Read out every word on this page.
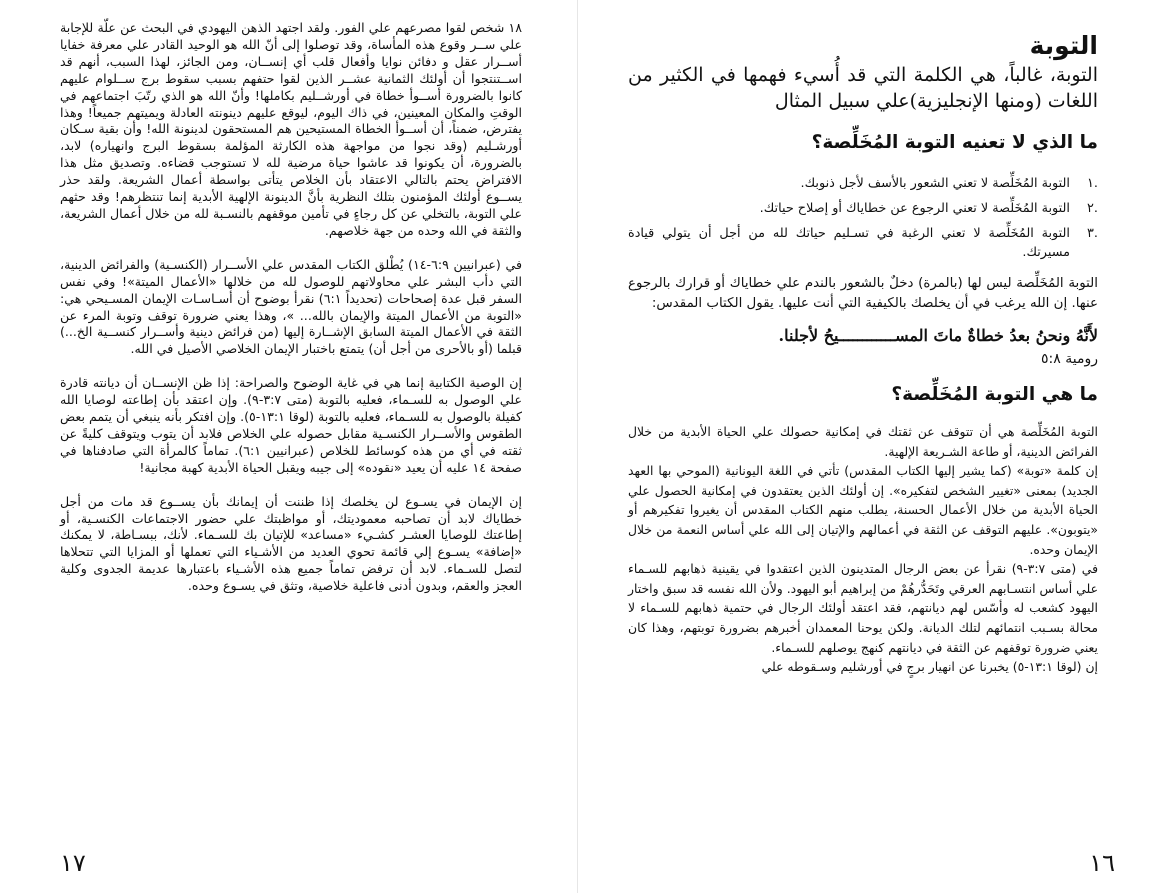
١٨ شخص لقوا مصرعهم علي الفور. ولقد اجتهد الذهن اليهودي في البحث عن علّة للإجابة علي ســر وقوع هذه المأساة، وقد توصلوا إلى أنّ الله هو الوحيد القادر علي معرفة خفايا أســرار عقل و دفائن نوايا وأفعال قلب أي إنســان، ومن الجائز، لهذا السبب، أنهم قد اســتنتجوا أن أولئك الثمانية عشــر الذين لقوا حتفهم بسبب سقوط برج ســلوام عليهم كانوا بالضرورة أســوأ خطاة في أورشــليم بكاملها! وأنّ الله هو الذي رتّبَ اجتماعهم في الوقتِ والمكان المعينين، في ذاك اليوم، ليوقع عليهم دينونته العادلة ويميتهم جميعاً! وهذا يفترض، ضمناً، أن أســوأ الخطاة المستيحين هم المستحقون لدينونة الله! وأن بقية سـكان أورشـليم (وقد نجوا من مواجهة هذه الكارثة المؤلمة بسقوط البرج وانهياره) لابد، بالضرورة، أن يكونوا قد عاشوا حياة مرضية لله لا تستوجب قضاءه. وتصديق مثل هذا الافتراض يحتم بالتالي الاعتقاد بأن الخلاص يتأتى بواسطة أعمال الشريعة. ولقد حذر يســوع أولئك المؤمنون بتلك النظرية بأنَّ الدينونة الإلهية الأبدية إنما تنتظرهم! وقد حثهم علي التوبة، بالتخلي عن كل رجاءٍ في تأمين موقفهم بالنسـبة لله من خلال أعمال الشريعة، والثقة في الله وحده من جهة خلاصهم.

في (عبرانيين ٦:٩-١٤) يُطْلق الكتاب المقدس علي الأســرار (الكنسـية) والفرائض الدينية، التي دأب البشر علي محاولاتهم للوصول لله من خلالها «الأعمال الميتة»! وفي نفس السفر قبل عدة إصحاحات (تحديداً ٦:١) نقرأ بوضوح أن أسـاسـات الإيمان المسـيحي هي: «التوبة من الأعمال الميتة والإيمان بالله... »، وهذا يعني ضرورة توقف وتوبة المرء عن الثقة في الأعمال الميتة السابق الإشــارة إليها (من فرائض دينية وأســرار كنســية الخ...) قبلما (أو بالأحرى من أجل أن) يتمتع باختبار الإيمان الخلاصي الأصيل في الله.

إن الوصية الكتابية إنما هي في غاية الوضوح والصراحة: إذا ظن الإنســان أن ديانته قادرة علي الوصول به للسـماء، فعليه بالتوبة (متى ٣:٧-٩). وإن اعتقد بأن إطاعته لوصايا الله كفيلة بالوصول به للسـماء، فعليه بالتوبة (لوقا ١٣:١-٥). وإن افتكر بأنه ينبغي أن يتمم بعض الطقوس والأســرار الكنسـية مقابل حصوله علي الخلاص فلابد أن يتوب ويتوقف كليةً عن ثقته في أي من هذه كوسائط للخلاص (عبرانيين ٦:١). تماماً كالمرأة التي صادفناها في صفحة ١٤ عليه أن يعيد «نقوده» إلى جيبه ويقبل الحياة الأبدية كهبة مجانية!

إن الإيمان في يسـوع لن يخلصك إذا ظننت أن إيمانك بأن يســوع قد مات من أجل خطاياك لابد أن تصاحبه معموديتك، أو مواظبتك علي حضور الاجتماعات الكنسـية، أو إطاعتك للوصايا العشـر كشـيء «مساعد» للإتيان بك للسـماء. لأنك، ببسـاطة، لا يمكنك «إضافة» يسـوع إلي قائمة تحوي العديد من الأشـياء التي تعملها أو المزايا التي تتحلاها لتصل للسـماء. لابد أن ترفض تماماً جميع هذه الأشـياء باعتبارها عديمة الجدوى وكلية العجز والعقم، وبدون أدنى فاعلية خلاصية، وتثق في يسـوع وحده.

١٧
التوبة

التوبة، غالباً، هي الكلمة التي قد أُسيء فهمها في الكثير من اللغات (ومنها الإنجليزية)علي سبيل المثال

ما الذي لا تعنيه التوبة المُخَلِّصة؟
.١
التوبة المُخَلِّصة لا تعني الشعور بالأسف لأجل ذنوبك.
.٢
التوبة المُخَلِّصة لا تعني الرجوع عن خطاياك أو إصلاح حياتك.
.٣
التوبة المُخَلِّصة لا تعني الرغبة في تسـليم حياتك لله من أجل أن يتولي قيادة مسيرتك.

التوبة المُخَلِّصة ليس لها (بالمرة) دخلٌ بالشعور بالندم علي خطاياك أو قرارك بالرجوع عنها. إن الله يرغب في أن يخلصك بالكيفية التي أنت عليها. يقول الكتاب المقدس:

لأَنَّهُ ونحنُ بعدُ خطاةٌ ماتَ المســــــــــــيحُ لأجلنا.

رومية ٥:٨

ما هي التوبة المُخَلِّصة؟

التوبة المُخَلِّصة هي أن تتوقف عن ثقتك في إمكانية حصولك علي الحياة الأبدية من خلال الفرائض الدينية، أو طاعة الشـريعة الإلهية.

إن كلمة «توبة» (كما يشير إليها الكتاب المقدس) تأتي في اللغة اليونانية (الموحي بها العهد الجديد) بمعنى «تغيير الشخص لتفكيره». إن أولئك الذين يعتقدون في إمكانية الحصول علي الحياة الأبدية من خلال الأعمال الحسنة، يطلب منهم الكتاب المقدس أن يغيروا تفكيرهم أو «يتوبون». عليهم التوقف عن الثقة في أعمالهم والإتيان إلى الله علي أساس النعمة من خلال الإيمان وحده.

في (متى ٣:٧-٩) نقرأ عن بعض الرجال المتدينون الذين اعتقدوا في يقينية ذهابهم للسـماء علي أساس انتسـابهم العرقي وتَحَدُّرهُمْ من إبراهيم أبو اليهود. ولأن الله نفسه قد سبق واختار اليهود كشعب له وأسّس لهم ديانتهم، فقد اعتقد أولئك الرجال في حتمية ذهابهم للسـماء لا محالة بسـبب انتمائهم لتلك الديانة. ولكن يوحنا المعمدان أخبرهم بضرورة توبتهم، وهذا كان يعني ضرورة توقفهم عن الثقة في ديانتهم كنهج يوصلهم للسـماء.

إن (لوقا ١٣:١-٥) يخبرنا عن انهيار برجٍ في أورشليم وسـقوطه علي

١٦
